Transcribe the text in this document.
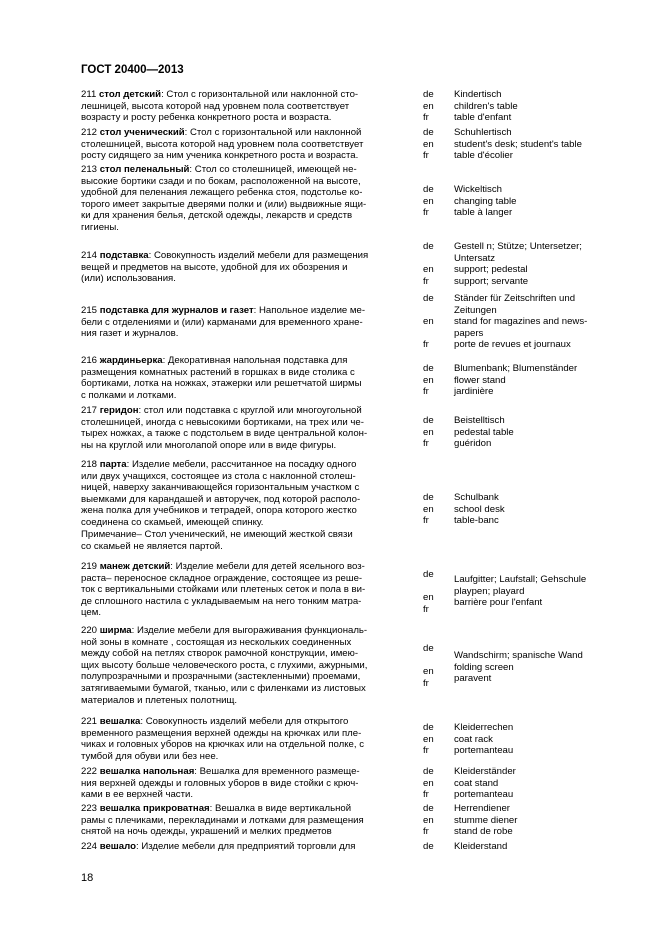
ГОСТ 20400—2013
211 стол детский: Стол с горизонтальной или наклонной сто-
лешницей, высота которой над уровнем пола соответствует
возрасту и росту ребенка конкретного роста и возраста.
de
en
fr
Kindertisch
children's table
table d'enfant
212 стол ученический: Стол с горизонтальной или наклонной
столешницей, высота которой над уровнем пола соответствует
росту сидящего за ним ученика конкретного роста и возраста.
de
en
fr
Schuhlertisch
student's desk; student's table
table d'écolier
213 стол пеленальный: Стол со столешницей, имеющей не-
высокие бортики сзади и по бокам, расположенной на высоте,
удобной для пеленания лежащего ребенка стоя, подстолье ко-
торого имеет закрытые дверями полки и (или) выдвижные ящи-
ки для хранения белья, детской одежды, лекарств и средств
гигиены.
de
en
fr
Wickeltisch
changing table
table à langer
214 подставка: Совокупность изделий мебели для размещения
вещей и предметов на высоте, удобной для их обозрения и
(или) использования.
de
en
fr
Gestell n; Stütze; Untersetzer;
Untersatz
support; pedestal
support; servante
215 подставка для журналов и газет: Напольное изделие ме-
бели с отделениями и (или) карманами для временного хране-
ния газет и журналов.
de
en
fr
Ständer für Zeitschriften und
Zeitungen
stand for magazines and news-
papers
porte de revues et journaux
216 жардиньерка: Декоративная напольная подставка для
размещения комнатных растений в горшках в виде столика с
бортиками, лотка на ножках, этажерки или решетчатой ширмы
с полками и лотками.
de
en
fr
Blumenbank; Blumenständer
flower stand
jardinière
217 геридон: стол или подставка с круглой или многоугольной
столешницей, иногда с невысокими бортиками, на трех или че-
тырех ножках, а также с подстольем в виде центральной колон-
ны на круглой или многолапой опоре или в виде фигуры.
de
en
fr
Beistelltisch
pedestal table
guéridon
218 парта: Изделие мебели, рассчитанное на посадку одного
или двух учащихся, состоящее из стола с наклонной столеш-
ницей, наверху заканчивающейся горизонтальным участком с
выемками для карандашей и авторучек, под которой располо-
жена полка для учебников и тетрадей, опора которого жестко
соединена со скамьей, имеющей спинку.
Примечание– Стол ученический, не имеющий жесткой связи
со скамьей не является партой.
de
en
fr
Schulbank
school desk
table-banc
219 манеж детский: Изделие мебели для детей ясельного воз-
раста– переносное складное ограждение, состоящее из реше-
ток с вертикальными стойками или плетеных сеток и пола в ви-
де сплошного настила с укладываемым на него тонким матра-
цем.
de
en
fr
Laufgitter; Laufstall; Gehschule
playpen; playard
barrière pour l'enfant
220 ширма: Изделие мебели для выгораживания функциональ-
ной зоны в комнате , состоящая из нескольких соединенных
между собой на петлях створок рамочной конструкции, имею-
щих высоту больше человеческого роста, с глухими, ажурными,
полупрозрачными и прозрачными (застекленными) проемами,
затягиваемыми бумагой, тканью, или с филенками из листовых
материалов и плетеных полотнищ.
de
en
fr
Wandschirm; spanische Wand
folding screen
paravent
221 вешалка: Совокупность изделий мебели для открытого
временного размещения верхней одежды на крючках или пле-
чиках и головных уборов на крючках или на отдельной полке, с
тумбой для обуви или без нее.
de
en
fr
Kleiderrechen
coat rack
portemanteau
222 вешалка напольная: Вешалка для временного размеще-
ния верхней одежды и головных уборов в виде стойки с крюч-
ками в ее верхней части.
de
en
fr
Kleiderständer
coat stand
portemanteau
223 вешалка прикроватная: Вешалка в виде вертикальной
рамы с плечиками, перекладинами и лотками для размещения
снятой на ночь одежды, украшений и мелких предметов
de
en
fr
Herrendiener
stumme diener
stand de robe
224 вешало: Изделие мебели для предприятий торговли для	de	Kleiderstand
18
